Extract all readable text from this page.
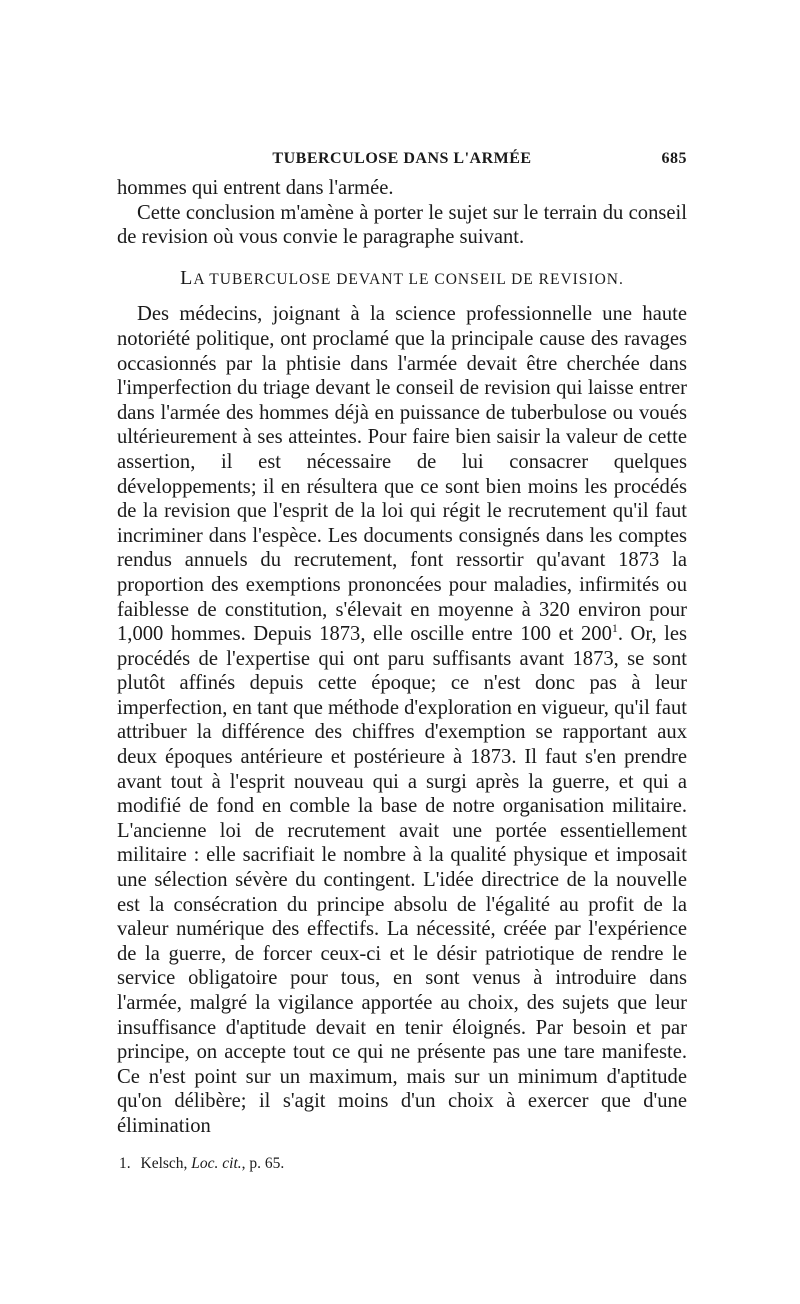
TUBERCULOSE DANS L'ARMÉE	685

hommes qui entrent dans l'armée.

Cette conclusion m'amène à porter le sujet sur le terrain du conseil de revision où vous convie le paragraphe suivant.

LA TUBERCULOSE DEVANT LE CONSEIL DE REVISION.

Des médecins, joignant à la science professionnelle une haute notoriété politique, ont proclamé que la principale cause des ravages occasionnés par la phtisie dans l'armée devait être cherchée dans l'imperfection du triage devant le conseil de revision qui laisse entrer dans l'armée des hommes déjà en puissance de tuberbulose ou voués ultérieurement à ses atteintes. Pour faire bien saisir la valeur de cette assertion, il est nécessaire de lui consacrer quelques développements; il en résultera que ce sont bien moins les procédés de la revision que l'esprit de la loi qui régit le recrutement qu'il faut incriminer dans l'espèce. Les documents consignés dans les comptes rendus annuels du recrutement, font ressortir qu'avant 1873 la proportion des exemptions prononcées pour maladies, infirmités ou faiblesse de constitution, s'élevait en moyenne à 320 environ pour 1,000 hommes. Depuis 1873, elle oscille entre 100 et $200^1$. Or, les procédés de l'expertise qui ont paru suffisants avant 1873, se sont plutôt affinés depuis cette époque; ce n'est donc pas à leur imperfection, en tant que méthode d'exploration en vigueur, qu'il faut attribuer la différence des chiffres d'exemption se rapportant aux deux époques antérieure et postérieure à 1873. Il faut s'en prendre avant tout à l'esprit nouveau qui a surgi après la guerre, et qui a modifié de fond en comble la base de notre organisation militaire. L'ancienne loi de recrutement avait une portée essentiellement militaire : elle sacrifiait le nombre à la qualité physique et imposait une sélection sévère du contingent. L'idée directrice de la nouvelle est la consécration du principe absolu de l'égalité au profit de la valeur numérique des effectifs. La nécessité, créée par l'expérience de la guerre, de forcer ceux-ci et le désir patriotique de rendre le service obligatoire pour tous, en sont venus à introduire dans l'armée, malgré la vigilance apportée au choix, des sujets que leur insuffisance d'aptitude devait en tenir éloignés. Par besoin et par principe, on accepte tout ce qui ne présente pas une tare manifeste. Ce n'est point sur un maximum, mais sur un minimum d'aptitude qu'on délibère; il s'agit moins d'un choix à exercer que d'une élimination

1. Kelsch, Loc. cit., p. 65.
